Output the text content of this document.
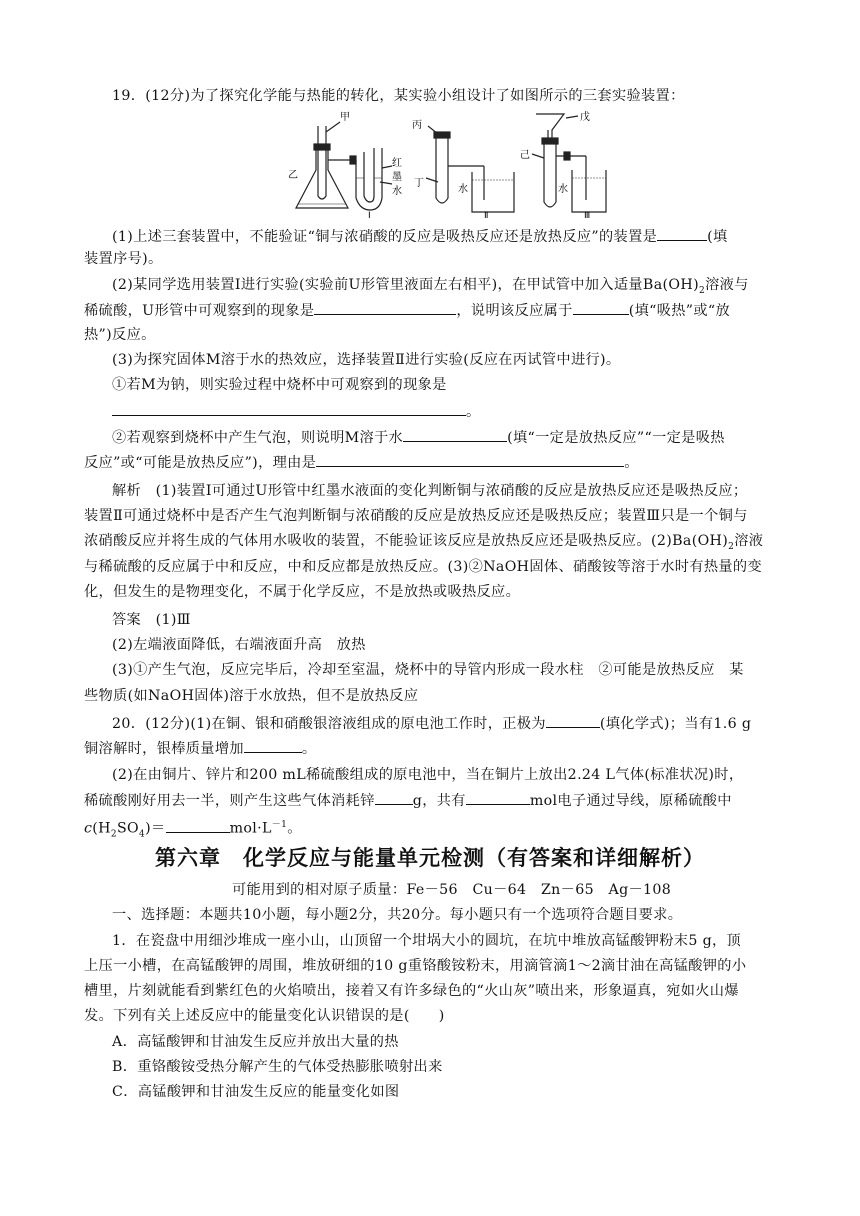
19．(12分)为了探究化学能与热能的转化，某实验小组设计了如图所示的三套实验装置：
甲
乙
红
墨
水
Ⅰ
丙
丁
水
Ⅱ
戊
己
水
Ⅲ
(1)上述三套装置中，不能验证“铜与浓硝酸的反应是吸热反应还是放热反应”的装置是	(填
装置序号)。
(2)某同学选用装置Ⅰ进行实验(实验前U形管里液面左右相平)，在甲试管中加入适量$Ba(OH)_2$溶液与
稀硫酸，U形管中可观察到的现象是	，说明该反应属于	(填“吸热”或“放
热”)反应。
(3)为探究固体M溶于水的热效应，选择装置Ⅱ进行实验(反应在丙试管中进行)。
①若M为钠，则实验过程中烧杯中可观察到的现象是
。
②若观察到烧杯中产生气泡，则说明M溶于水	(填“一定是放热反应”“一定是吸热
反应”或“可能是放热反应”)，理由是	。
解析　(1)装置Ⅰ可通过U形管中红墨水液面的变化判断铜与浓硝酸的反应是放热反应还是吸热反应；
装置Ⅱ可通过烧杯中是否产生气泡判断铜与浓硝酸的反应是放热反应还是吸热反应；装置Ⅲ只是一个铜与
浓硝酸反应并将生成的气体用水吸收的装置，不能验证该反应是放热反应还是吸热反应。$(2)Ba(OH)_2$溶液
与稀硫酸的反应属于中和反应，中和反应都是放热反应。(3)②NaOH固体、硝酸铵等溶于水时有热量的变
化，但发生的是物理变化，不属于化学反应，不是放热或吸热反应。
答案　(1)Ⅲ
(2)左端液面降低，右端液面升高　放热
(3)①产生气泡，反应完毕后，冷却至室温，烧杯中的导管内形成一段水柱　②可能是放热反应　某
些物质(如NaOH固体)溶于水放热，但不是放热反应
20．(12分)(1)在铜、银和硝酸银溶液组成的原电池工作时，正极为	(填化学式)；当有1.6 g
铜溶解时，银棒质量增加	。
(2)在由铜片、锌片和200 mL稀硫酸组成的原电池中，当在铜片上放出2.24 L气体(标准状况)时，
稀硫酸刚好用去一半，则产生这些气体消耗锌	g，共有	mol电子通过导线，原稀硫酸中
$c(H_2SO_4)=$	$mol\cdot L^{-1}$。
第六章　化学反应与能量单元检测（有答案和详细解析）
可能用到的相对原子质量：Fe－56　Cu－64　Zn－65　Ag－108
一、选择题：本题共10小题，每小题2分，共20分。每小题只有一个选项符合题目要求。
1．在瓷盘中用细沙堆成一座小山，山顶留一个坩埚大小的圆坑，在坑中堆放高锰酸钾粉末5 g，顶
上压一小槽，在高锰酸钾的周围，堆放研细的10 g重铬酸铵粉末，用滴管滴1～2滴甘油在高锰酸钾的小
槽里，片刻就能看到紫红色的火焰喷出，接着又有许多绿色的“火山灰”喷出来，形象逼真，宛如火山爆
发。下列有关上述反应中的能量变化认识错误的是(　　)
A．高锰酸钾和甘油发生反应并放出大量的热
B．重铬酸铵受热分解产生的气体受热膨胀喷射出来
C．高锰酸钾和甘油发生反应的能量变化如图
